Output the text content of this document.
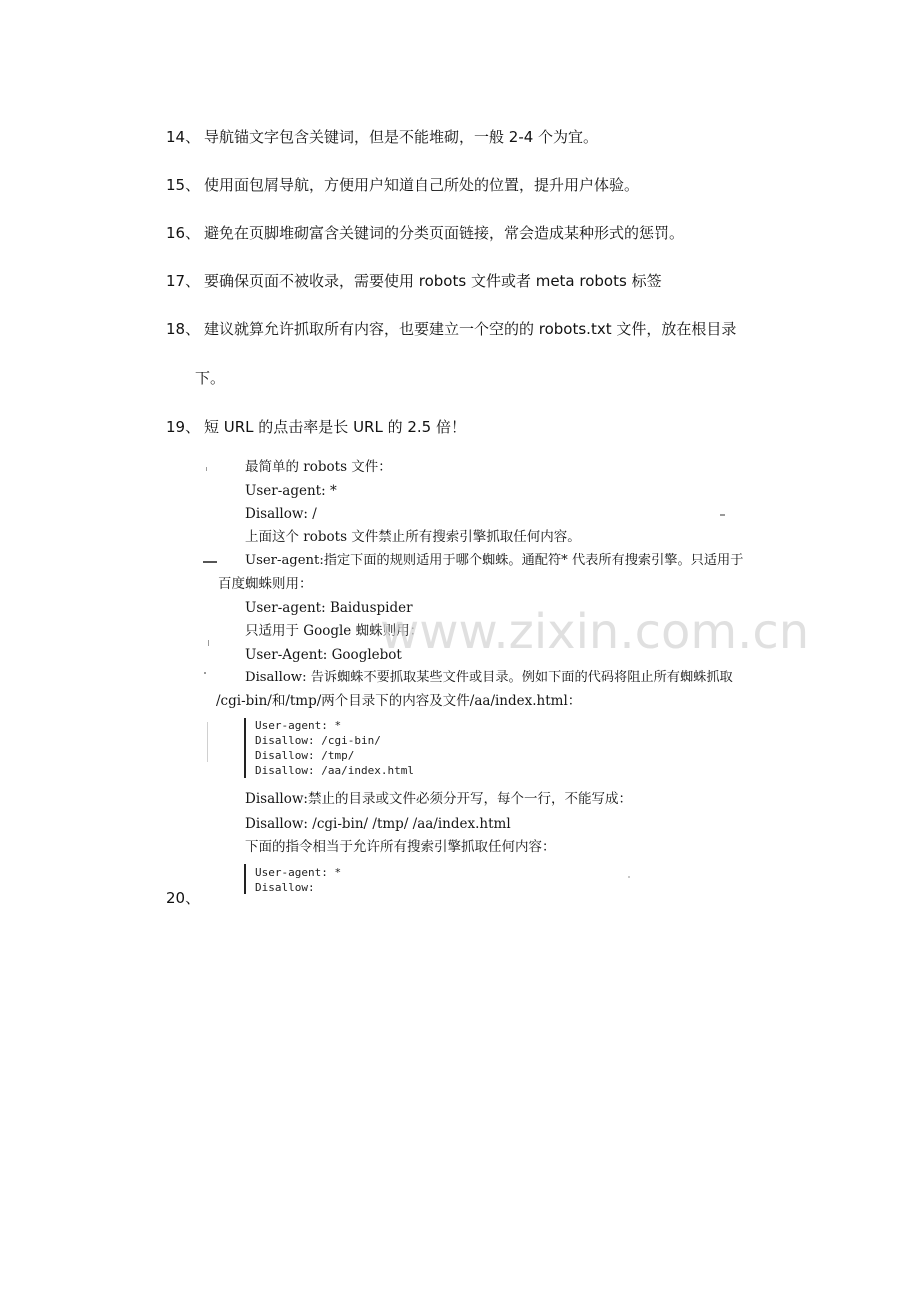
14、 导航锚文字包含关键词，但是不能堆砌，一般 2-4 个为宜。
15、 使用面包屑导航，方便用户知道自己所处的位置，提升用户体验。
16、 避免在页脚堆砌富含关键词的分类页面链接，常会造成某种形式的惩罚。
17、 要确保页面不被收录，需要使用 robots 文件或者 meta robots 标签
18、 建议就算允许抓取所有内容，也要建立一个空的的 robots.txt 文件，放在根目录
下。
19、 短 URL 的点击率是长 URL 的 2.5 倍！
20、
最简单的 robots 文件：
User-agent: *
Disallow: /
上面这个 robots 文件禁止所有搜索引擎抓取任何内容。
User-agent:指定下面的规则适用于哪个蜘蛛。通配符* 代表所有搜索引擎。只适用于
百度蜘蛛则用：
User-agent: Baiduspider
只适用于 Google 蜘蛛则用：
User-Agent: Googlebot
Disallow: 告诉蜘蛛不要抓取某些文件或目录。例如下面的代码将阻止所有蜘蛛抓取
/cgi-bin/和/tmp/两个目录下的内容及文件/aa/index.html：
User-agent: *
Disallow: /cgi-bin/
Disallow: /tmp/
Disallow: /aa/index.html
Disallow:禁止的目录或文件必须分开写，每个一行，不能写成：
Disallow: /cgi-bin/ /tmp/ /aa/index.html
下面的指令相当于允许所有搜索引擎抓取任何内容：
User-agent: *
Disallow:
www.zixin.com.cn
